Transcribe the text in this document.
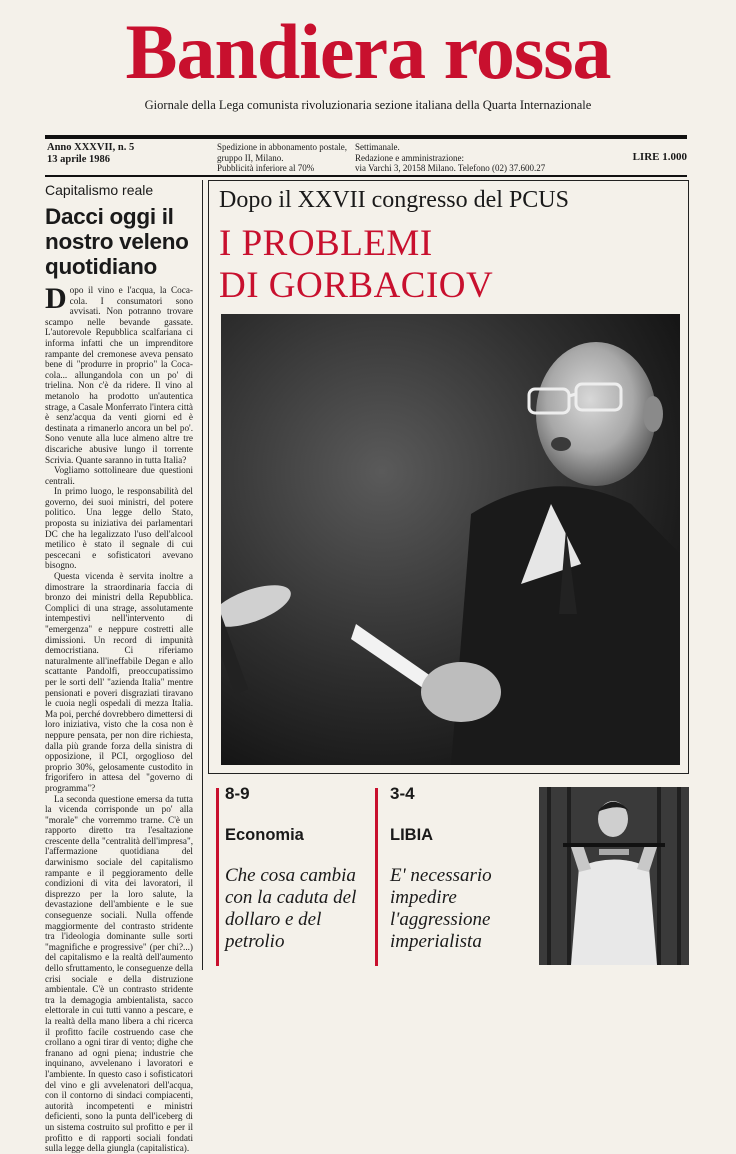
Bandiera rossa
Giornale della Lega comunista rivoluzionaria sezione italiana della Quarta Internazionale
Anno XXXVII, n. 5
13 aprile 1986
Spedizione in abbonamento postale,
gruppo II, Milano.
Pubblicità inferiore al 70%
Settimanale.
Redazione e amministrazione:
via Varchi 3, 20158 Milano. Telefono (02) 37.600.27
LIRE 1.000
Capitalismo reale
Dacci oggi il nostro veleno quotidiano

Dopo il vino e l'acqua, la Coca-cola. I consumatori sono avvisati. Non potranno trovare scampo nelle bevande gassate. L'autorevole Repubblica scalfariana ci informa infatti che un imprenditore rampante del cremonese aveva pensato bene di "produrre in proprio" la Coca-cola... allungandola con un po' di trielina. Non c'è da ridere. Il vino al metanolo ha prodotto un'autentica strage, a Casale Monferrato l'intera città è senz'acqua da venti giorni ed è destinata a rimanerlo ancora un bel po'. Sono venute alla luce almeno altre tre discariche abusive lungo il torrente Scrivia. Quante saranno in tutta Italia?

Vogliamo sottolineare due questioni centrali.

In primo luogo, le responsabilità del governo, dei suoi ministri, del potere politico. Una legge dello Stato, proposta su iniziativa dei parlamentari DC che ha legalizzato l'uso dell'alcool metilico è stato il segnale di cui pescecani e sofisticatori avevano bisogno.

Questa vicenda è servita inoltre a dimostrare la straordinaria faccia di bronzo dei ministri della Repubblica. Complici di una strage, assolutamente intempestivi nell'intervento di "emergenza" e neppure costretti alle dimissioni. Un record di impunità democristiana. Ci riferiamo naturalmente all'ineffabile Degan e allo scattante Pandolfi, preoccupatissimo per le sorti dell' "azienda Italia" mentre pensionati e poveri disgraziati tiravano le cuoia negli ospedali di mezza Italia. Ma poi, perché dovrebbero dimettersi di loro iniziativa, visto che la cosa non è neppure pensata, per non dire richiesta, dalla più grande forza della sinistra di opposizione, il PCI, orgoglioso del proprio 30%, gelosamente custodito in frigorifero in attesa del "governo di programma"?

La seconda questione emersa da tutta la vicenda corrisponde un po' alla "morale" che vorremmo trarne. C'è un rapporto diretto tra l'esaltazione crescente della "centralità dell'impresa", l'affermazione quotidiana del darwinismo sociale del capitalismo rampante e il peggioramento delle condizioni di vita dei lavoratori, il disprezzo per la loro salute, la devastazione dell'ambiente e le sue conseguenze sociali. Nulla offende maggiormente del contrasto stridente tra l'ideologia dominante sulle sorti "magnifiche e progressive" (per chi?...) del capitalismo e la realtà dell'aumento dello sfruttamento, le conseguenze della crisi sociale e della distruzione ambientale. C'è un contrasto stridente tra la demagogia ambientalista, sacco elettorale in cui tutti vanno a pescare, e la realtà della mano libera a chi ricerca il profitto facile costruendo case che crollano a ogni tirar di vento; dighe che franano ad ogni piena; industrie che inquinano, avvelenano i lavoratori e l'ambiente. In questo caso i sofisticatori del vino e gli avvelenatori dell'acqua, con il contorno di sindaci compiacenti, autorità incompetenti e ministri deficienti, sono la punta dell'iceberg di un sistema costruito sul profitto e per il profitto e di rapporti sociali fondati sulla legge della giungla (capitalistica).

Dopo il XXVII congresso del PCUS
I PROBLEMI
DI GORBACIOV
8-9
Economia
Che cosa cambia con la caduta del dollaro e del petrolio
3-4
LIBIA
E' necessario impedire l'aggressione imperialista
